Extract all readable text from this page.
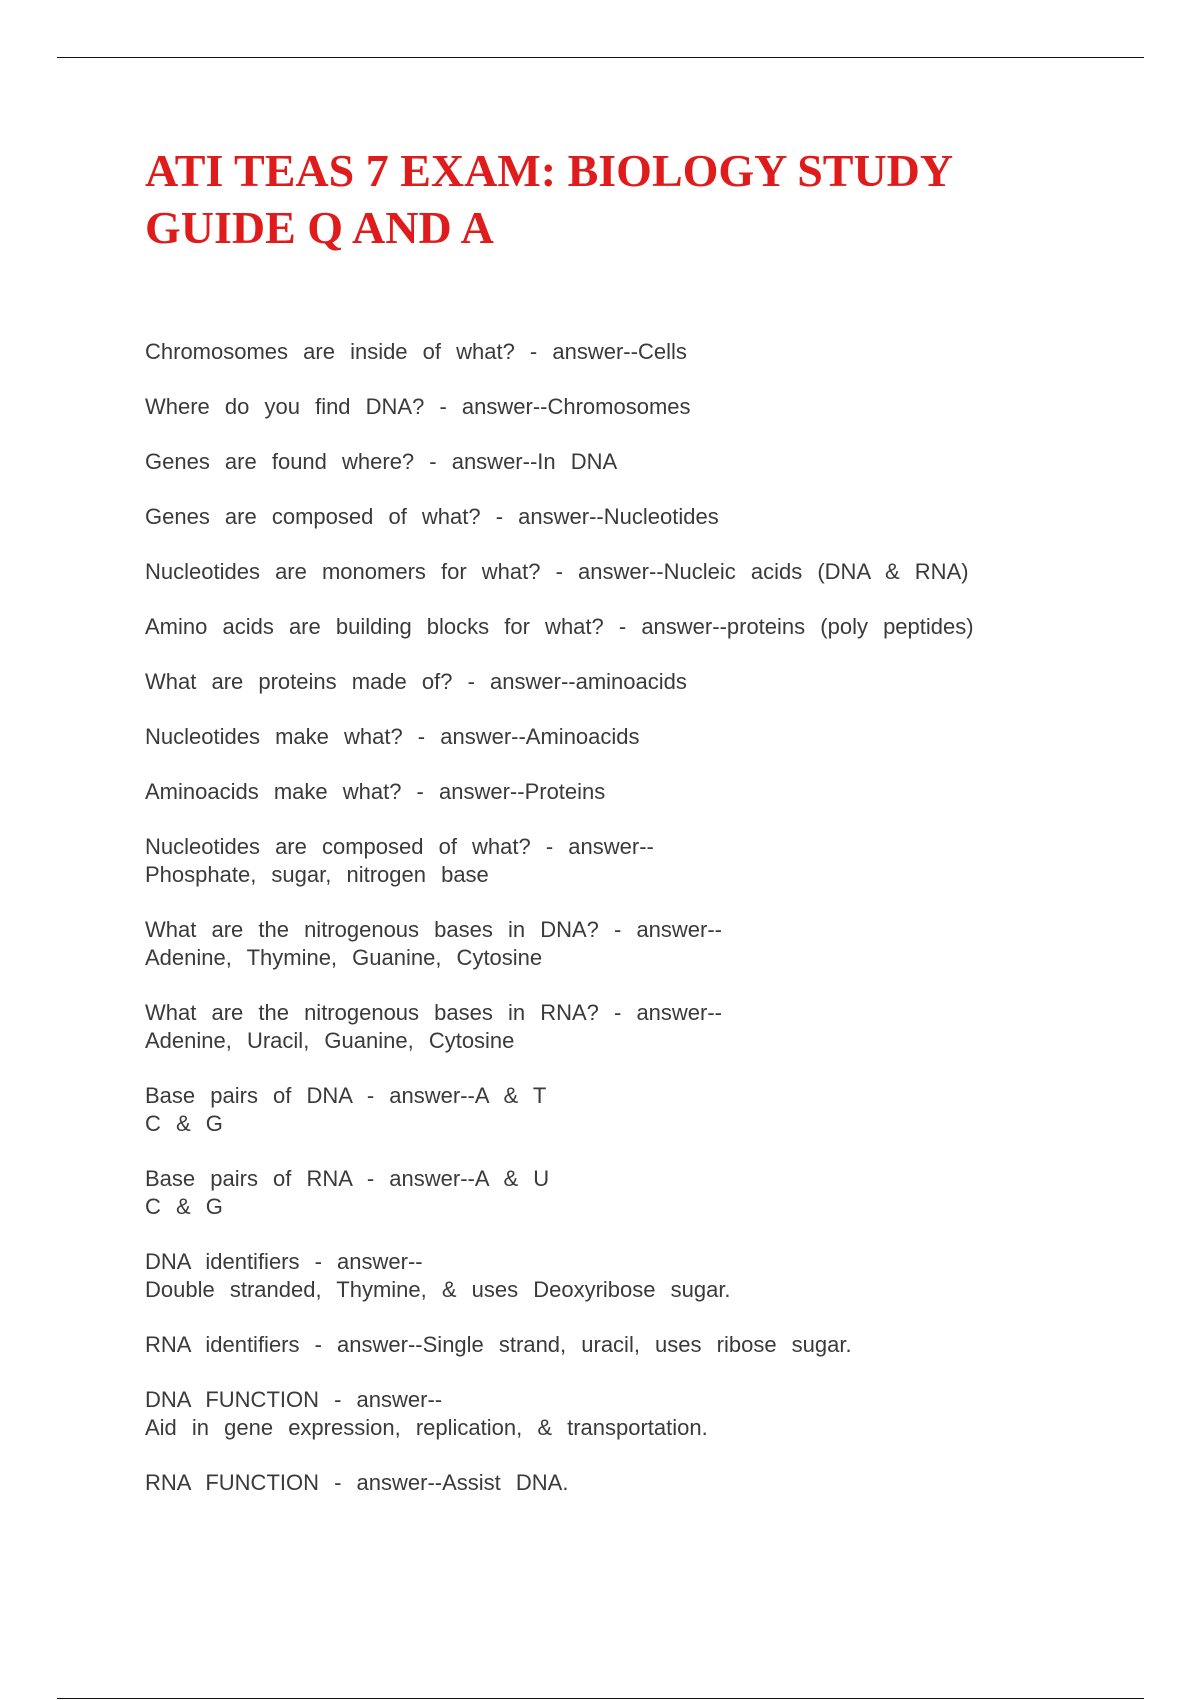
ATI TEAS 7 EXAM: BIOLOGY STUDY GUIDE Q AND A
Chromosomes are inside of what? - answer--Cells
Where do you find DNA? - answer--Chromosomes
Genes are found where? - answer--In DNA
Genes are composed of what? - answer--Nucleotides
Nucleotides are monomers for what? - answer--Nucleic acids (DNA & RNA)
Amino acids are building blocks for what? - answer--proteins (poly peptides)
What are proteins made of? - answer--aminoacids
Nucleotides make what? - answer--Aminoacids
Aminoacids make what? - answer--Proteins
Nucleotides are composed of what? - answer--
Phosphate, sugar, nitrogen base
What are the nitrogenous bases in DNA? - answer--
Adenine, Thymine, Guanine, Cytosine
What are the nitrogenous bases in RNA? - answer--
Adenine, Uracil, Guanine, Cytosine
Base pairs of DNA - answer--A & T
C & G
Base pairs of RNA - answer--A & U
C & G
DNA identifiers - answer--
Double stranded, Thymine, & uses Deoxyribose sugar.
RNA identifiers - answer--Single strand, uracil, uses ribose sugar.
DNA FUNCTION - answer--
Aid in gene expression, replication, & transportation.
RNA FUNCTION - answer--Assist DNA.
